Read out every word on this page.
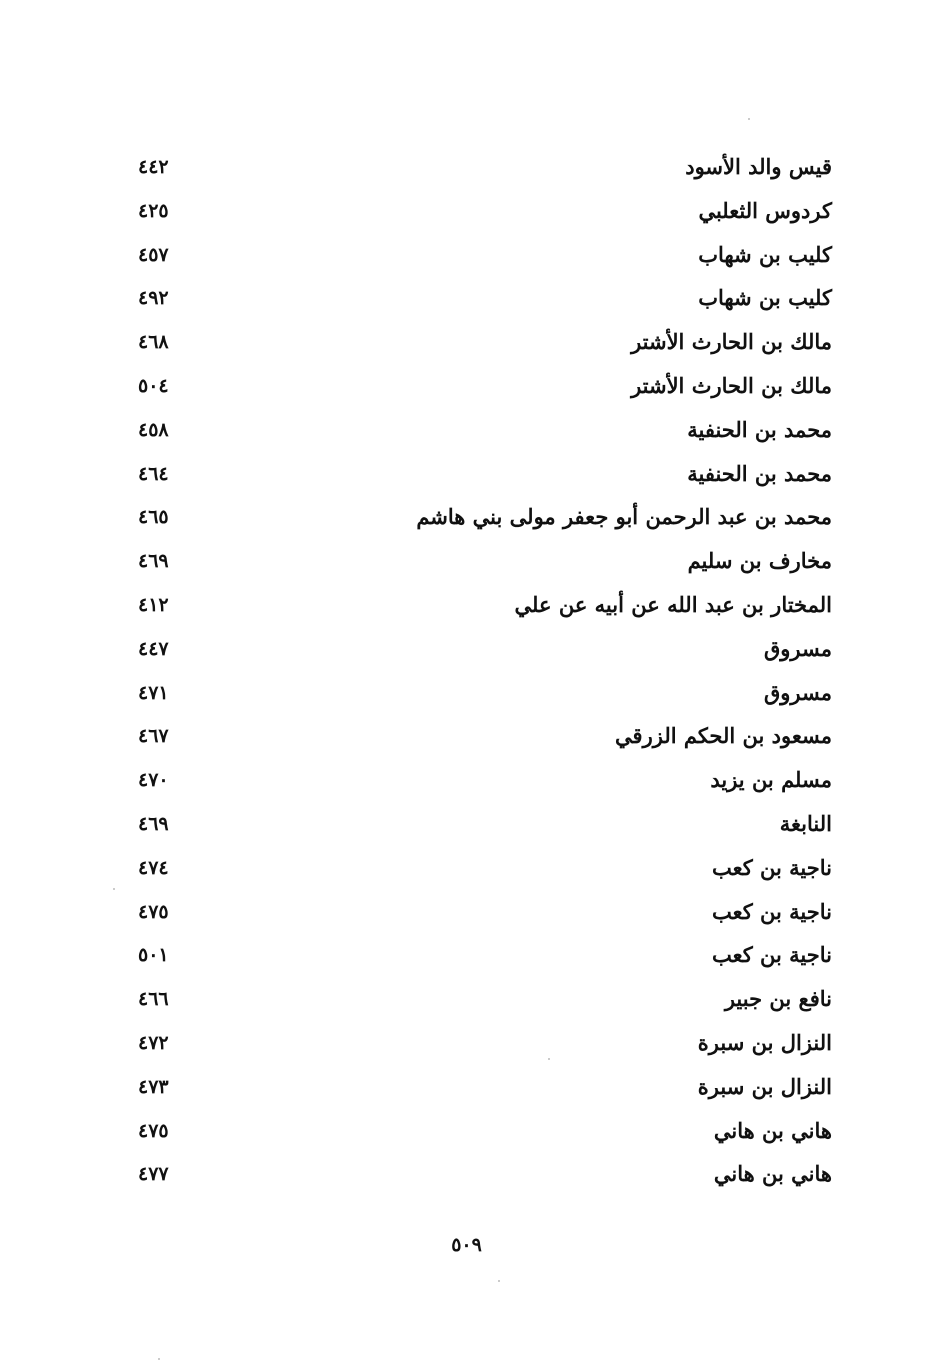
قيس والد الأسود
٤٤٢
كردوس الثعلبي
٤٢٥
كليب بن شهاب
٤٥٧
كليب بن شهاب
٤٩٢
مالك بن الحارث الأشتر
٤٦٨
مالك بن الحارث الأشتر
٥٠٤
محمد بن الحنفية
٤٥٨
محمد بن الحنفية
٤٦٤
محمد بن عبد الرحمن أبو جعفر مولى بني هاشم
٤٦٥
مخارف بن سليم
٤٦٩
المختار بن عبد الله عن أبيه عن علي
٤١٢
مسروق
٤٤٧
مسروق
٤٧١
مسعود بن الحكم الزرقي
٤٦٧
مسلم بن يزيد
٤٧٠
النابغة
٤٦٩
ناجية بن كعب
٤٧٤
ناجية بن كعب
٤٧٥
ناجية بن كعب
٥٠١
نافع بن جبير
٤٦٦
النزال بن سبرة
٤٧٢
النزال بن سبرة
٤٧٣
هاني بن هاني
٤٧٥
هاني بن هاني
٤٧٧
٥٠٩
